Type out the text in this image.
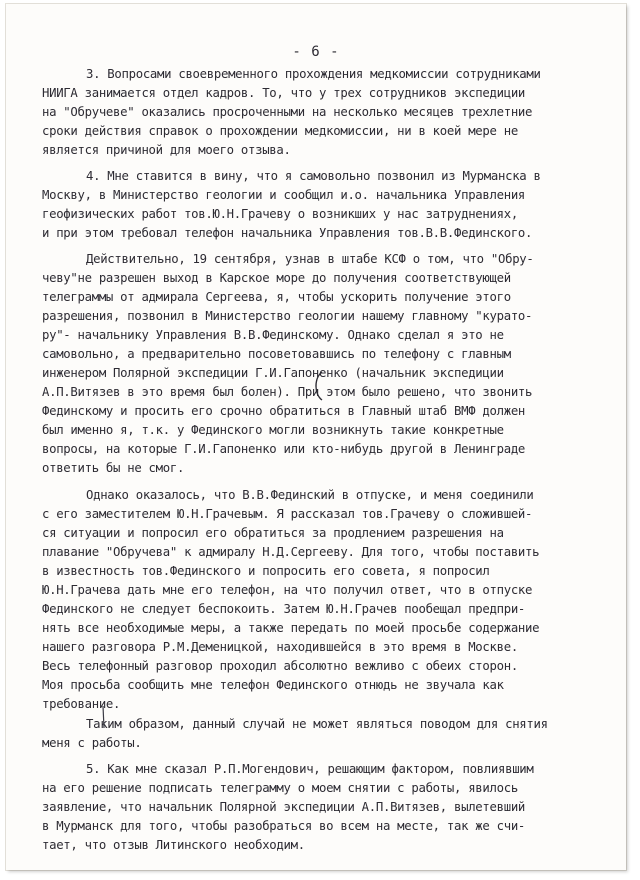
- 6 -
3. Вопросами своевременного прохождения медкомиссии сотрудниками
НИИГА занимается отдел кадров. То, что у трех сотрудников экспедиции
на "Обручеве" оказались просроченными на несколько месяцев трехлетние
сроки действия справок о прохождении медкомиссии, ни в коей мере не
является причиной для моего отзыва.
4. Мне ставится в вину, что я самовольно позвонил из Мурманска в
Москву, в Министерство геологии и сообщил и.о. начальника Управления
геофизических работ тов.Ю.Н.Грачеву о возникших у нас затруднениях,
и при этом требовал телефон начальника Управления тов.В.В.Фединского.
Действительно, 19 сентября, узнав в штабе КСФ о том, что "Обру-
чеву"не разрешен выход в Карское море до получения соответствующей
телеграммы от адмирала Сергеева, я, чтобы ускорить получение этого
разрешения, позвонил в Министерство геологии нашему главному "курато-
ру"- начальнику Управления В.В.Фединскому. Однако сделал я это не
самовольно, а предварительно посоветовавшись по телефону с главным
инженером Полярной экспедиции Г.И.Гапоненко (начальник экспедиции
А.П.Витязев в это время был болен). При этом было решено, что звонить
Фединскому и просить его срочно обратиться в Главный штаб ВМФ должен
был именно я, т.к. у Фединского могли возникнуть такие конкретные
вопросы, на которые Г.И.Гапоненко или кто-нибудь другой в Ленинграде
ответить бы не смог.
Однако оказалось, что В.В.Фединский в отпуске, и меня соединили
с его заместителем Ю.Н.Грачевым. Я рассказал тов.Грачеву о сложившей-
ся ситуации и попросил его обратиться за продлением разрешения на
плавание "Обручева" к адмиралу Н.Д.Сергееву. Для того, чтобы поставить
в известность тов.Фединского и попросить его совета, я попросил
Ю.Н.Грачева дать мне его телефон, на что получил ответ, что в отпуске
Фединского не следует беспокоить. Затем Ю.Н.Грачев пообещал предпри-
нять все необходимые меры, а также передать по моей просьбе содержание
нашего разговора Р.М.Деменицкой, находившейся в это время в Москве.
Весь телефонный разговор проходил абсолютно вежливо с обеих сторон.
Моя просьба сообщить мне телефон Фединского отнюдь не звучала как
требование.
Таким образом, данный случай не может являться поводом для снятия
меня с работы.
5. Как мне сказал Р.П.Могендович, решающим фактором, повлиявшим
на его решение подписать телеграмму о моем снятии с работы, явилось
заявление, что начальник Полярной экспедиции А.П.Витязев, вылетевший
в Мурманск для того, чтобы разобраться во всем на месте, так же счи-
тает, что отзыв Литинского необходим.
